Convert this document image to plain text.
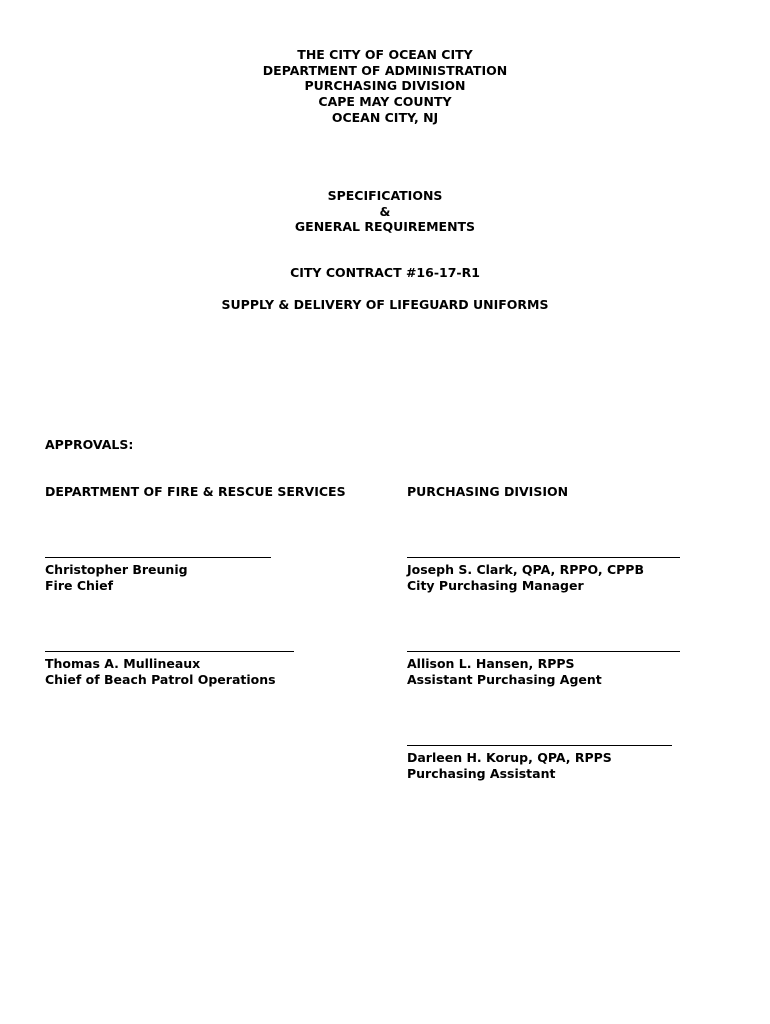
THE CITY OF OCEAN CITY
DEPARTMENT OF ADMINISTRATION
PURCHASING DIVISION
CAPE MAY COUNTY
OCEAN CITY, NJ
SPECIFICATIONS
&
GENERAL REQUIREMENTS
CITY CONTRACT #16-17-R1
SUPPLY & DELIVERY OF LIFEGUARD UNIFORMS
APPROVALS:
DEPARTMENT OF FIRE & RESCUE SERVICES	PURCHASING DIVISION
Christopher Breunig
Fire Chief
Joseph S. Clark, QPA, RPPO, CPPB
City Purchasing Manager
Thomas A. Mullineaux
Chief of Beach Patrol Operations
Allison L. Hansen, RPPS
Assistant Purchasing Agent
Darleen H. Korup, QPA, RPPS
Purchasing Assistant
